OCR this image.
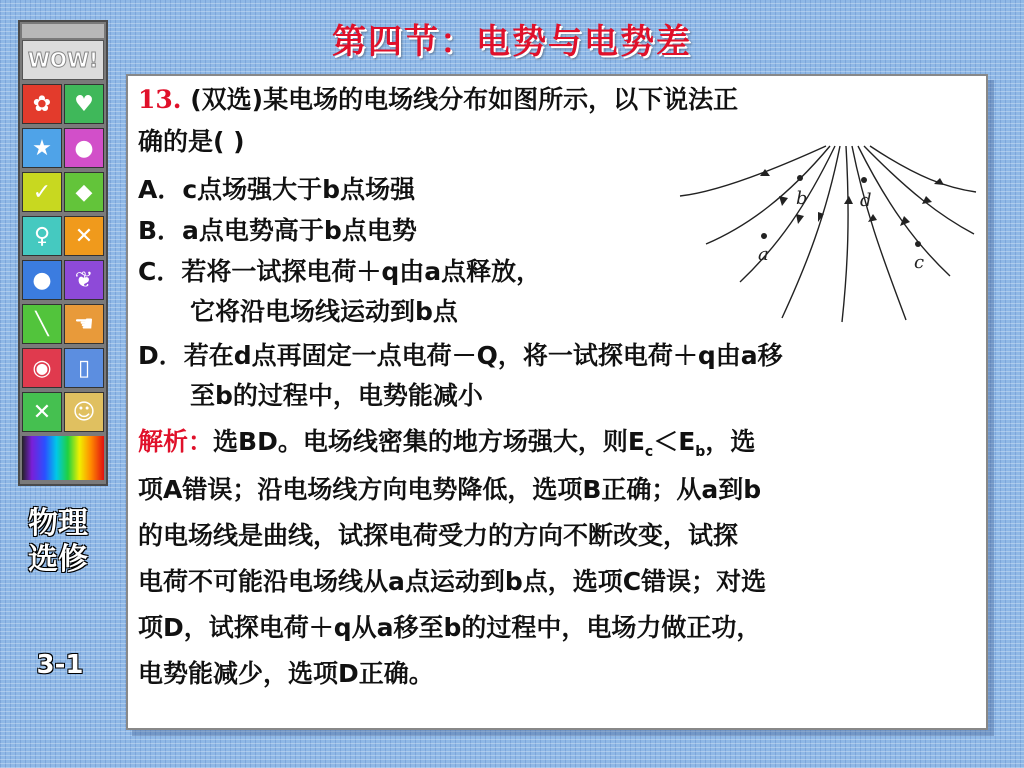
第四节：电势与电势差
WOW!
✿	♥
★	●
✓	◆
♀	✕
●	❦
╲	☚
◉	▯
✕ ☺
物理选修
3-1
13. (双选)某电场的电场线分布如图所示，以下说法正
确的是( )
A．c点场强大于b点场强
B．a点电势高于b点电势
C．若将一试探电荷＋q由a点释放，
它将沿电场线运动到b点
D．若在d点再固定一点电荷－Q，将一试探电荷＋q由a移
至b的过程中，电势能减小
a
b
c
d
解析：选BD。电场线密集的地方场强大，则$E_c<E_b$，选
项A错误；沿电场线方向电势降低，选项B正确；从a到b
的电场线是曲线，试探电荷受力的方向不断改变，试探
电荷不可能沿电场线从a点运动到b点，选项C错误；对选
项D，试探电荷＋q从a移至b的过程中，电场力做正功，
电势能减少，选项D正确。
